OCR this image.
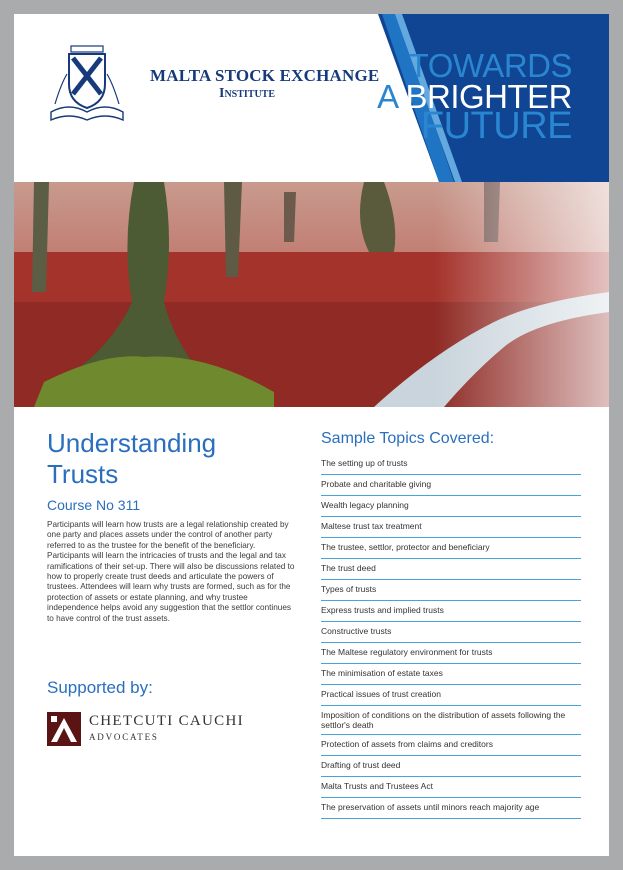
MALTA STOCK EXCHANGE
Institute
TOWARDS
A BRIGHTER
FUTURE
Understanding
Trusts
Course No 311
Participants will learn how trusts are a legal relationship created by one party and places assets under the control of another party referred to as the trustee for the benefit of the beneficiary. Participants will learn the intricacies of trusts and the legal and tax ramifications of their set-up. There will also be discussions related to how to properly create trust deeds and articulate the powers of trustees. Attendees will learn why trusts are formed, such as for the protection of assets or estate planning, and why trustee independence helps avoid any suggestion that the settlor continues to have control of the trust assets.
Supported by:
CHETCUTI CAUCHI
ADVOCATES
Sample Topics Covered:
The setting up of trusts
Probate and charitable giving
Wealth legacy planning
Maltese trust tax treatment
The trustee, settlor, protector and beneficiary
The trust deed
Types of trusts
Express trusts and implied trusts
Constructive trusts
The Maltese regulatory environment for trusts
The minimisation of estate taxes
Practical issues of trust creation
Imposition of conditions on the distribution of assets following the settlor's death
Protection of assets from claims and creditors
Drafting of trust deed
Malta Trusts and Trustees Act
The preservation of assets until minors reach majority age
